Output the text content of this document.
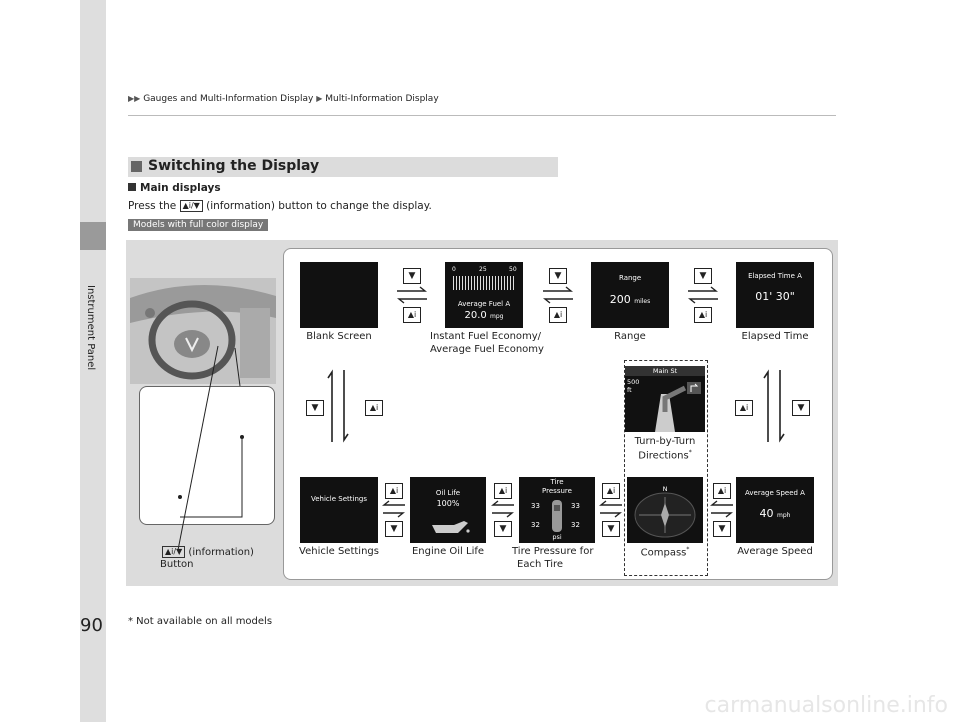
Instrument Panel
90
▶▶ Gauges and Multi-Information Display ▶ Multi-Information Display
Switching the Display
Main displays
Press the ▲i/▼ (information) button to change the display.
Models with full color display
▲i/▼ (information)
Button
0	25	50
Average Fuel A
20.0 mpg
Range
200 miles
Elapsed Time A
01' 30"
Blank Screen	Instant Fuel Economy/
Average Fuel Economy
Range	Elapsed Time
▼
▲i
▼
▲i
▼
▲i
▼	▲i	▲i	▼
Main St
500
ft
Turn-by-Turn
Directions*
Vehicle Settings
Oil Life
100%
Tire
Pressure
33	33
32	32
psi
N	Average Speed A
40 mph
▲i
▼
▲i
▼
▲i
▼
▲i
▼
Vehicle Settings	Engine Oil Life	Tire Pressure for
Each Tire
Compass*	Average Speed
* Not available on all models
carmanualsonline.info
